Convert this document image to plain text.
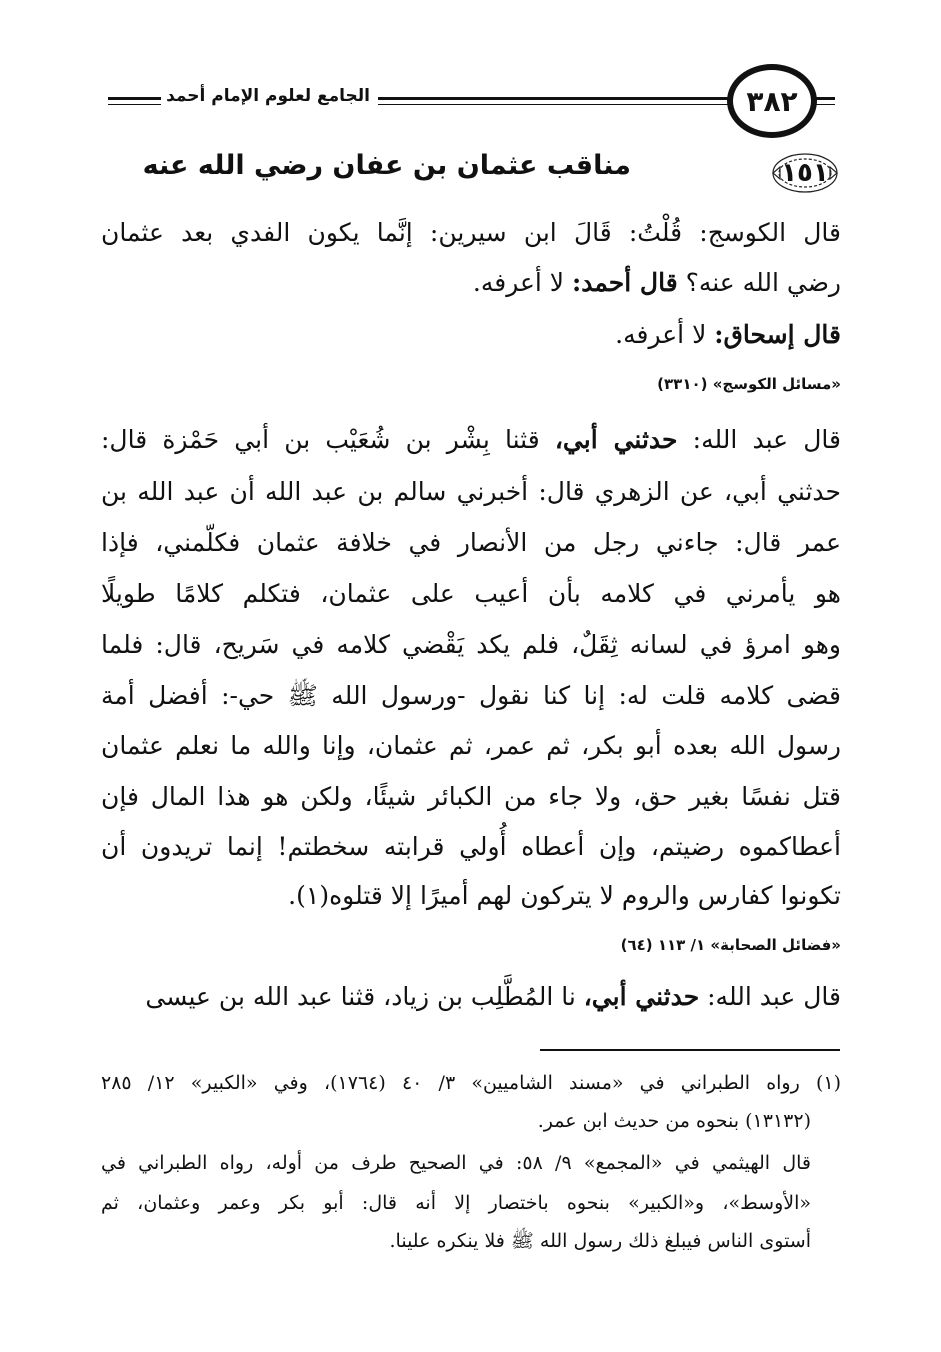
الجامع لعلوم الإمام أحمد	٣٨٢
١٥١
مناقب عثمان بن عفان رضي الله عنه
قال الكوسج: قُلْتُ: قَالَ ابن سيرين: إنَّما يكون الفدي بعد عثمان
رضي الله عنه؟ قال أحمد: لا أعرفه.
قال إسحاق: لا أعرفه.
«مسائل الكوسج» (٣٣١٠)
قال عبد الله: حدثني أبي، قثنا بِشْر بن شُعَيْب بن أبي حَمْزة قال:
حدثني أبي، عن الزهري قال: أخبرني سالم بن عبد الله أن عبد الله بن
عمر قال: جاءني رجل من الأنصار في خلافة عثمان فكلّمني، فإذا
هو يأمرني في كلامه بأن أعيب على عثمان، فتكلم كلامًا طويلًا
وهو امرؤ في لسانه ثِقَلٌ، فلم يكد يَقْضي كلامه في سَريح، قال: فلما
قضى كلامه قلت له: إنا كنا نقول -ورسول الله ﷺ حي-: أفضل أمة
رسول الله بعده أبو بكر، ثم عمر، ثم عثمان، وإنا والله ما نعلم عثمان
قتل نفسًا بغير حق، ولا جاء من الكبائر شيئًا، ولكن هو هذا المال فإن
أعطاكموه رضيتم، وإن أعطاه أُولي قرابته سخطتم! إنما تريدون أن
تكونوا كفارس والروم لا يتركون لهم أميرًا إلا قتلوه(١).
«فضائل الصحابة» ١/ ١١٣ (٦٤)
قال عبد الله: حدثني أبي، نا المُطَّلِب بن زياد، قثنا عبد الله بن عيسى
(١) رواه الطبراني في «مسند الشاميين» ٣/ ٤٠ (١٧٦٤)، وفي «الكبير» ١٢/ ٢٨٥
(١٣١٣٢) بنحوه من حديث ابن عمر.
قال الهيثمي في «المجمع» ٩/ ٥٨: في الصحيح طرف من أوله، رواه الطبراني في
«الأوسط»، و«الكبير» بنحوه باختصار إلا أنه قال: أبو بكر وعمر وعثمان، ثم
أستوى الناس فيبلغ ذلك رسول الله ﷺ فلا ينكره علينا.
